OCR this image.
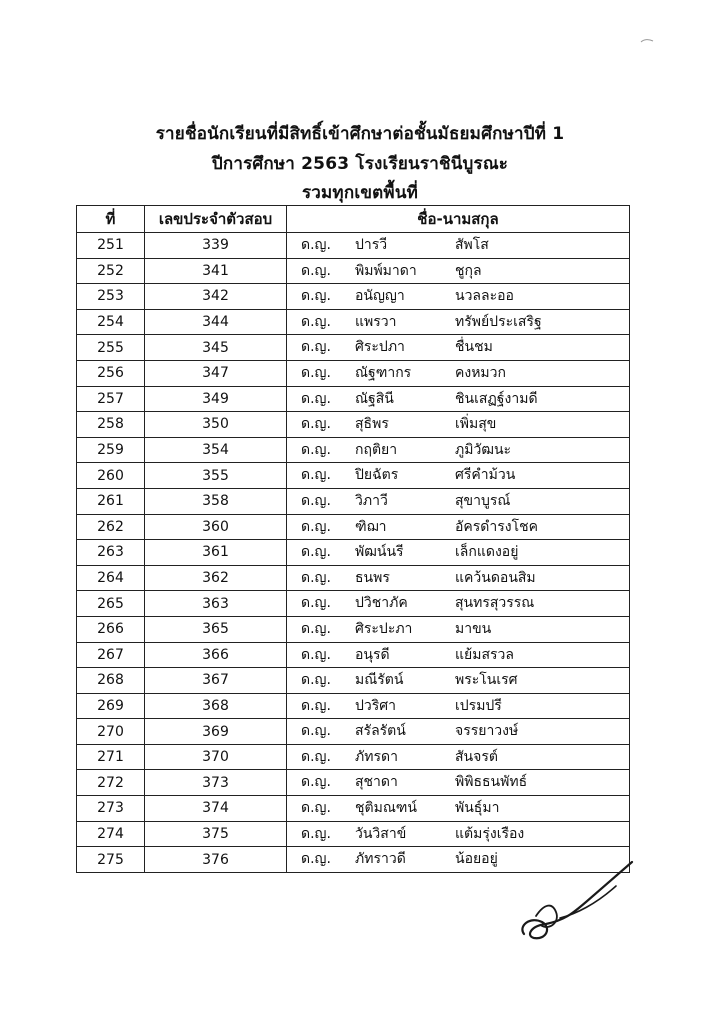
รายชื่อนักเรียนที่มีสิทธิ์เข้าศึกษาต่อชั้นมัธยมศึกษาปีที่ 1
ปีการศึกษา 2563 โรงเรียนราชินีบูรณะ
รวมทุกเขตพื้นที่
ที่	เลขประจำตัวสอบ	ชื่อ-นามสกุล
251	339	ด.ญ. ปารวี สัพโส

252	341	ด.ญ. พิมพ์มาดา ชูกุล

253	342	ด.ญ. อนัญญา นวลละออ

254	344	ด.ญ. แพรวา ทรัพย์ประเสริฐ

255	345	ด.ญ. ศิระปภา ชื่นชม

256	347	ด.ญ. ณัฐฑากร คงหมวก

257	349	ด.ญ. ณัฐสินี ชินเสฏฐ์งามดี

258	350	ด.ญ. สุธิพร เพิ่มสุข

259	354	ด.ญ. กฤติยา ภูมิวัฒนะ

260	355	ด.ญ. ปิยฉัตร ศรีคำม้วน

261	358	ด.ญ. วิภาวี สุขาบูรณ์

262	360	ด.ญ. ฑิฌา อัครดำรงโชค

263	361	ด.ญ. พัฒน์นรี เล็กแดงอยู่

264	362	ด.ญ. ธนพร แคว้นดอนสิม

265	363	ด.ญ. ปวิชาภัค สุนทรสุวรรณ

266	365	ด.ญ. ศิระปะภา มาขน

267	366	ด.ญ. อนุรดี แย้มสรวล

268	367	ด.ญ. มณีรัตน์ พระโนเรศ

269	368	ด.ญ. ปวริศา เปรมปรี

270	369	ด.ญ. สรัลรัตน์ จรรยาวงษ์

271	370	ด.ญ. ภัทรดา สันจรต์

272	373	ด.ญ. สุชาดา พิพิธธนพัทธ์

273	374	ด.ญ. ชุติมณฑน์ พันธุ์มา

274	375	ด.ญ. วันวิสาข์ แต้มรุ่งเรือง

275	376	ด.ญ. ภัทราวดี น้อยอยู่
